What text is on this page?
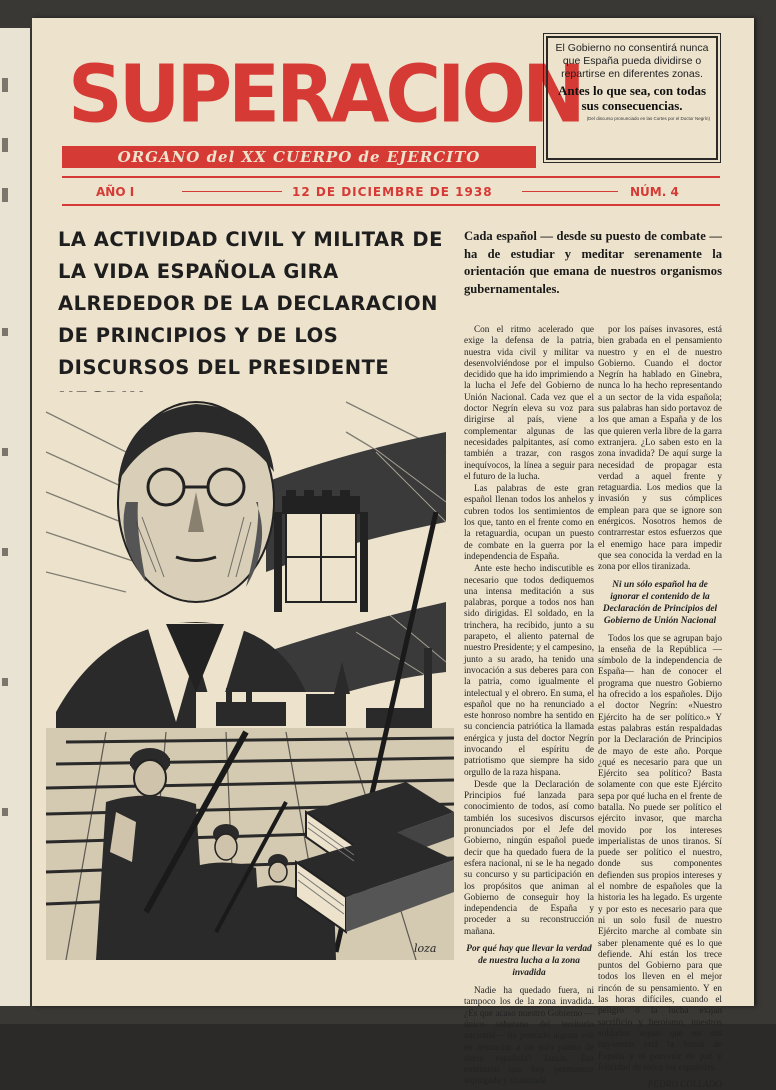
SUPERACION
ORGANO del XX CUERPO de EJERCITO
El Gobierno no consentirá nunca que España pueda dividirse o repartirse en diferentes zonas.
Antes lo que sea, con todas sus consecuencias.
(Del discurso pronunciado en las Cortes por el Doctor Negrín)
AÑO I	12 DE DICIEMBRE DE 1938	NÚM. 4
LA ACTIVIDAD CIVIL Y MILITAR DE LA VIDA ESPAÑOLA GIRA ALREDEDOR DE LA DECLARACION DE PRINCIPIOS Y DE LOS DISCURSOS DEL PRESIDENTE
Cada español — desde su puesto de combate — ha de estudiar y meditar serenamente la orientación que emana de nuestros organismos gubernamentales.

Con el ritmo acelerado que exige la defensa de la patria, nuestra vida civil y militar va desenvolviéndose por el impulso decidido que ha ido imprimiendo a la lucha el Jefe del Gobierno de Unión Nacional. Cada vez que el doctor Negrín eleva su voz para dirigirse al país, viene a complementar algunas de las necesidades palpitantes, así como también a trazar, con rasgos inequívocos, la línea a seguir para el futuro de la lucha.

Las palabras de este gran español llenan todos los anhelos y cubren todos los sentimientos de los que, tanto en el frente como en la retaguardia, ocupan un puesto de combate en la guerra por la independencia de España.

Ante este hecho indiscutible es necesario que todos dediquemos una intensa meditación a sus palabras, porque a todos nos han sido dirigidas. El soldado, en la trinchera, ha recibido, junto a su parapeto, el aliento paternal de nuestro Presidente; y el campesino, junto a su arado, ha tenido una invocación a sus deberes para con la patria, como igualmente el intelectual y el obrero. En suma, el español que no ha renunciado a este honroso nombre ha sentido en su conciencia patriótica la llamada enérgica y justa del doctor Negrín invocando el espíritu de patriotismo que siempre ha sido orgullo de la raza hispana.

Desde que la Declaración de Principios fué lanzada para conocimiento de todos, así como también los sucesivos discursos pronunciados por el Jefe del Gobierno, ningún español puede decir que ha quedado fuera de la esfera nacional, ni se le ha negado su concurso y su participación en los propósitos que animan al Gobierno de conseguir hoy la independencia de España y proceder a su reconstrucción mañana.

Por qué hay que llevar la verdad de nuestra lucha a la zona invadida

Nadie ha quedado fuera, ni tampoco los de la zona invadida. ¿Es que acaso nuestro Gobierno —único soberano del territorio nacional— ha pensado alguna vez en renunciar a un solo palmo de tierra española? Jamás. Esa extensión que hoy permanece sojuzgada y tiranizada

por los países invasores, está bien grabada en el pensamiento nuestro y en el de nuestro Gobierno. Cuando el doctor Negrín ha hablado en Ginebra, nunca lo ha hecho representando a un sector de la vida española; sus palabras han sido portavoz de los que aman a España y de los que quieren verla libre de la garra extranjera. ¿Lo saben esto en la zona invadida? De aquí surge la necesidad de propagar esta verdad a aquel frente y retaguardia. Los medios que la invasión y sus cómplices emplean para que se ignore son enérgicos. Nosotros hemos de contrarrestar estos esfuerzos que el enemigo hace para impedir que sea conocida la verdad en la zona por ellos tiranizada.

Ni un sólo español ha de ignorar el contenido de la Declaración de Principios del Gobierno de Unión Nacional

Todos los que se agrupan bajo la enseña de la República —símbolo de la independencia de España— han de conocer el programa que nuestro Gobierno ha ofrecido a los españoles. Dijo el doctor Negrín: «Nuestro Ejército ha de ser político.» Y estas palabras están respaldadas por la Declaración de Principios de mayo de este año. Porque ¿qué es necesario para que un Ejército sea político? Basta solamente con que este Ejército sepa por qué lucha en el frente de batalla. No puede ser político el ejército invasor, que marcha movido por los intereses imperialistas de unos tiranos. Sí puede ser político el nuestro, donde sus componentes defienden sus propios intereses y el nombre de españoles que la historia les ha legado. Es urgente y por esto es necesario para que ni un solo fusil de nuestro Ejército marche al combate sin saber plenamente qué es lo que defiende. Ahí están los trece puntos del Gobierno para que todos los lleven en el mejor rincón de su pensamiento. Y en las horas difíciles, cuando el peligro o la lucha exijan sacrificio y heroísmo, nuestros soldados sepan que en sus bayonetas está la honra de España y el porvenir de paz y felicidad de todos los españoles.

PEDRO COLLADO

loza
